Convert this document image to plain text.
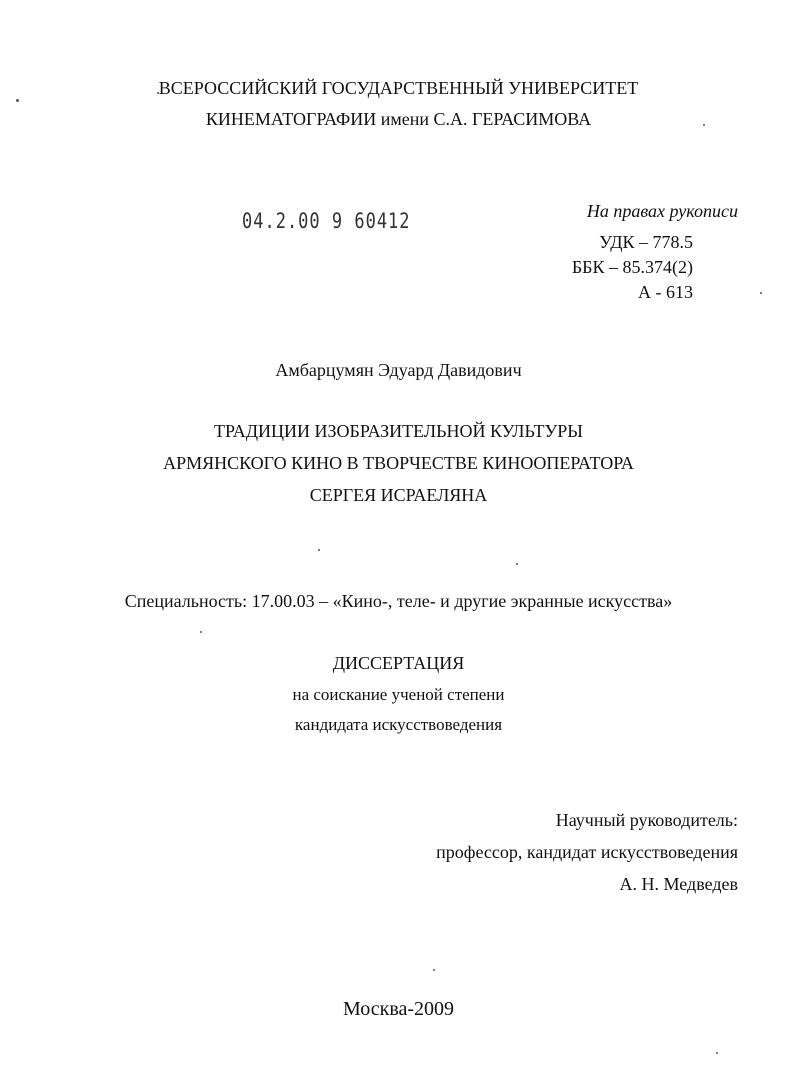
ВСЕРОССИЙСКИЙ ГОСУДАРСТВЕННЫЙ УНИВЕРСИТЕТ
КИНЕМАТОГРАФИИ имени С.А. ГЕРАСИМОВА
04.2.00 9 60412	На правах рукописи
УДК – 778.5
ББК – 85.374(2)
А - 613
Амбарцумян Эдуард Давидович
ТРАДИЦИИ ИЗОБРАЗИТЕЛЬНОЙ КУЛЬТУРЫ
АРМЯНСКОГО КИНО В ТВОРЧЕСТВЕ КИНООПЕРАТОРА
СЕРГЕЯ ИСРАЕЛЯНА
Специальность: 17.00.03 – «Кино-, теле- и другие экранные искусства»
ДИССЕРТАЦИЯ
на соискание ученой степени
кандидата искусствоведения
Научный руководитель:
профессор, кандидат искусствоведения
А. Н. Медведев
Москва-2009
